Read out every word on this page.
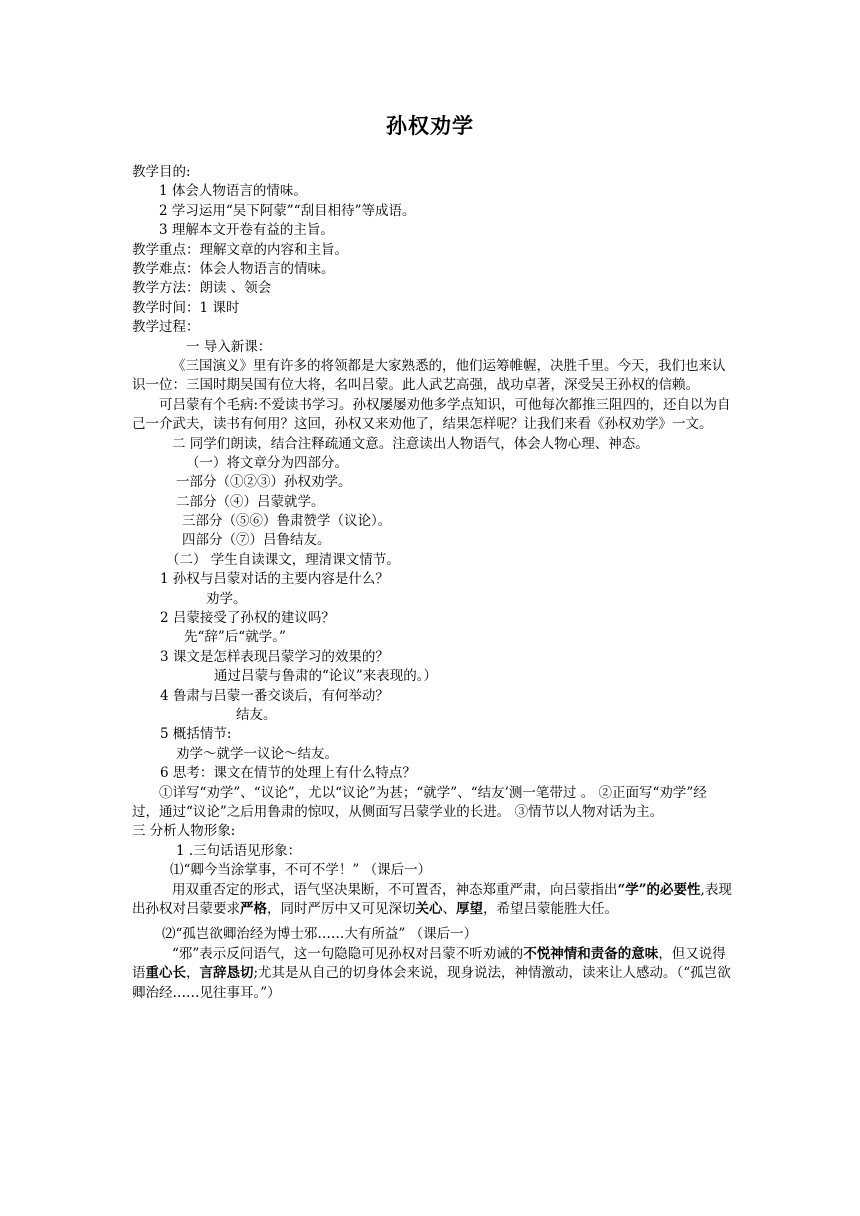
孙权劝学
教学目的:
1 体会人物语言的情味。
2 学习运用“吴下阿蒙”“刮目相待”等成语。
3 理解本文开卷有益的主旨。
教学重点：理解文章的内容和主旨。
教学难点：体会人物语言的情味。
教学方法：朗读 、领会
教学时间：1 课时
教学过程：
一 导入新课：
《三国演义》里有许多的将领都是大家熟悉的，他们运筹帷幄，决胜千里。今天，我们也来认识一位：三国时期吴国有位大将，名叫吕蒙。此人武艺高强，战功卓著，深受吴王孙权的信赖。
可吕蒙有个毛病:不爱读书学习。孙权屡屡劝他多学点知识，可他每次都推三阻四的，还自以为自己一介武夫，读书有何用？这回，孙权又来劝他了，结果怎样呢？让我们来看《孙权劝学》一文。
二 同学们朗读，结合注释疏通文意。注意读出人物语气，体会人物心理、神态。
（一）将文章分为四部分。
一部分（①②③）孙权劝学。
二部分（④）吕蒙就学。
三部分（⑤⑥）鲁肃赞学（议论）。
四部分（⑦）吕鲁结友。
（二） 学生自读课文，理清课文情节。
1 孙权与吕蒙对话的主要内容是什么？
劝学。
2 吕蒙接受了孙权的建议吗？
先“辞”后“就学。”
3 课文是怎样表现吕蒙学习的效果的？
通过吕蒙与鲁肃的“论议”来表现的。）
4 鲁肃与吕蒙一番交谈后，有何举动？
结友。
5 概括情节:
劝学～就学一议论～结友。
6 思考：课文在情节的处理上有什么特点？
①详写“劝学”、“议论”，尤以“议论”为甚；“就学”、“结友’测一笔带过 。 ②正面写“劝学”经过，通过“议论”之后用鲁肃的惊叹，从侧面写吕蒙学业的长进。 ③情节以人物对话为主。
三 分析人物形象:
1 .三句话语见形象：
⑴“卿今当涂掌事，不可不学！” （课后一）
用双重否定的形式，语气坚决果断，不可置否，神态郑重严肃，向吕蒙指出“学”的必要性,表现出孙权对吕蒙要求严格，同时严厉中又可见深切关心、厚望，希望吕蒙能胜大任。
⑵“孤岂欲卿治经为博士邪……大有所益” （课后一）
“邪”表示反问语气，这一句隐隐可见孙权对吕蒙不听劝诫的不悦神情和责备的意味，但又说得语重心长，言辞恳切;尤其是从自己的切身体会来说，现身说法，神情激动，读来让人感动。（“孤岂欲卿治经……见往事耳。”）
